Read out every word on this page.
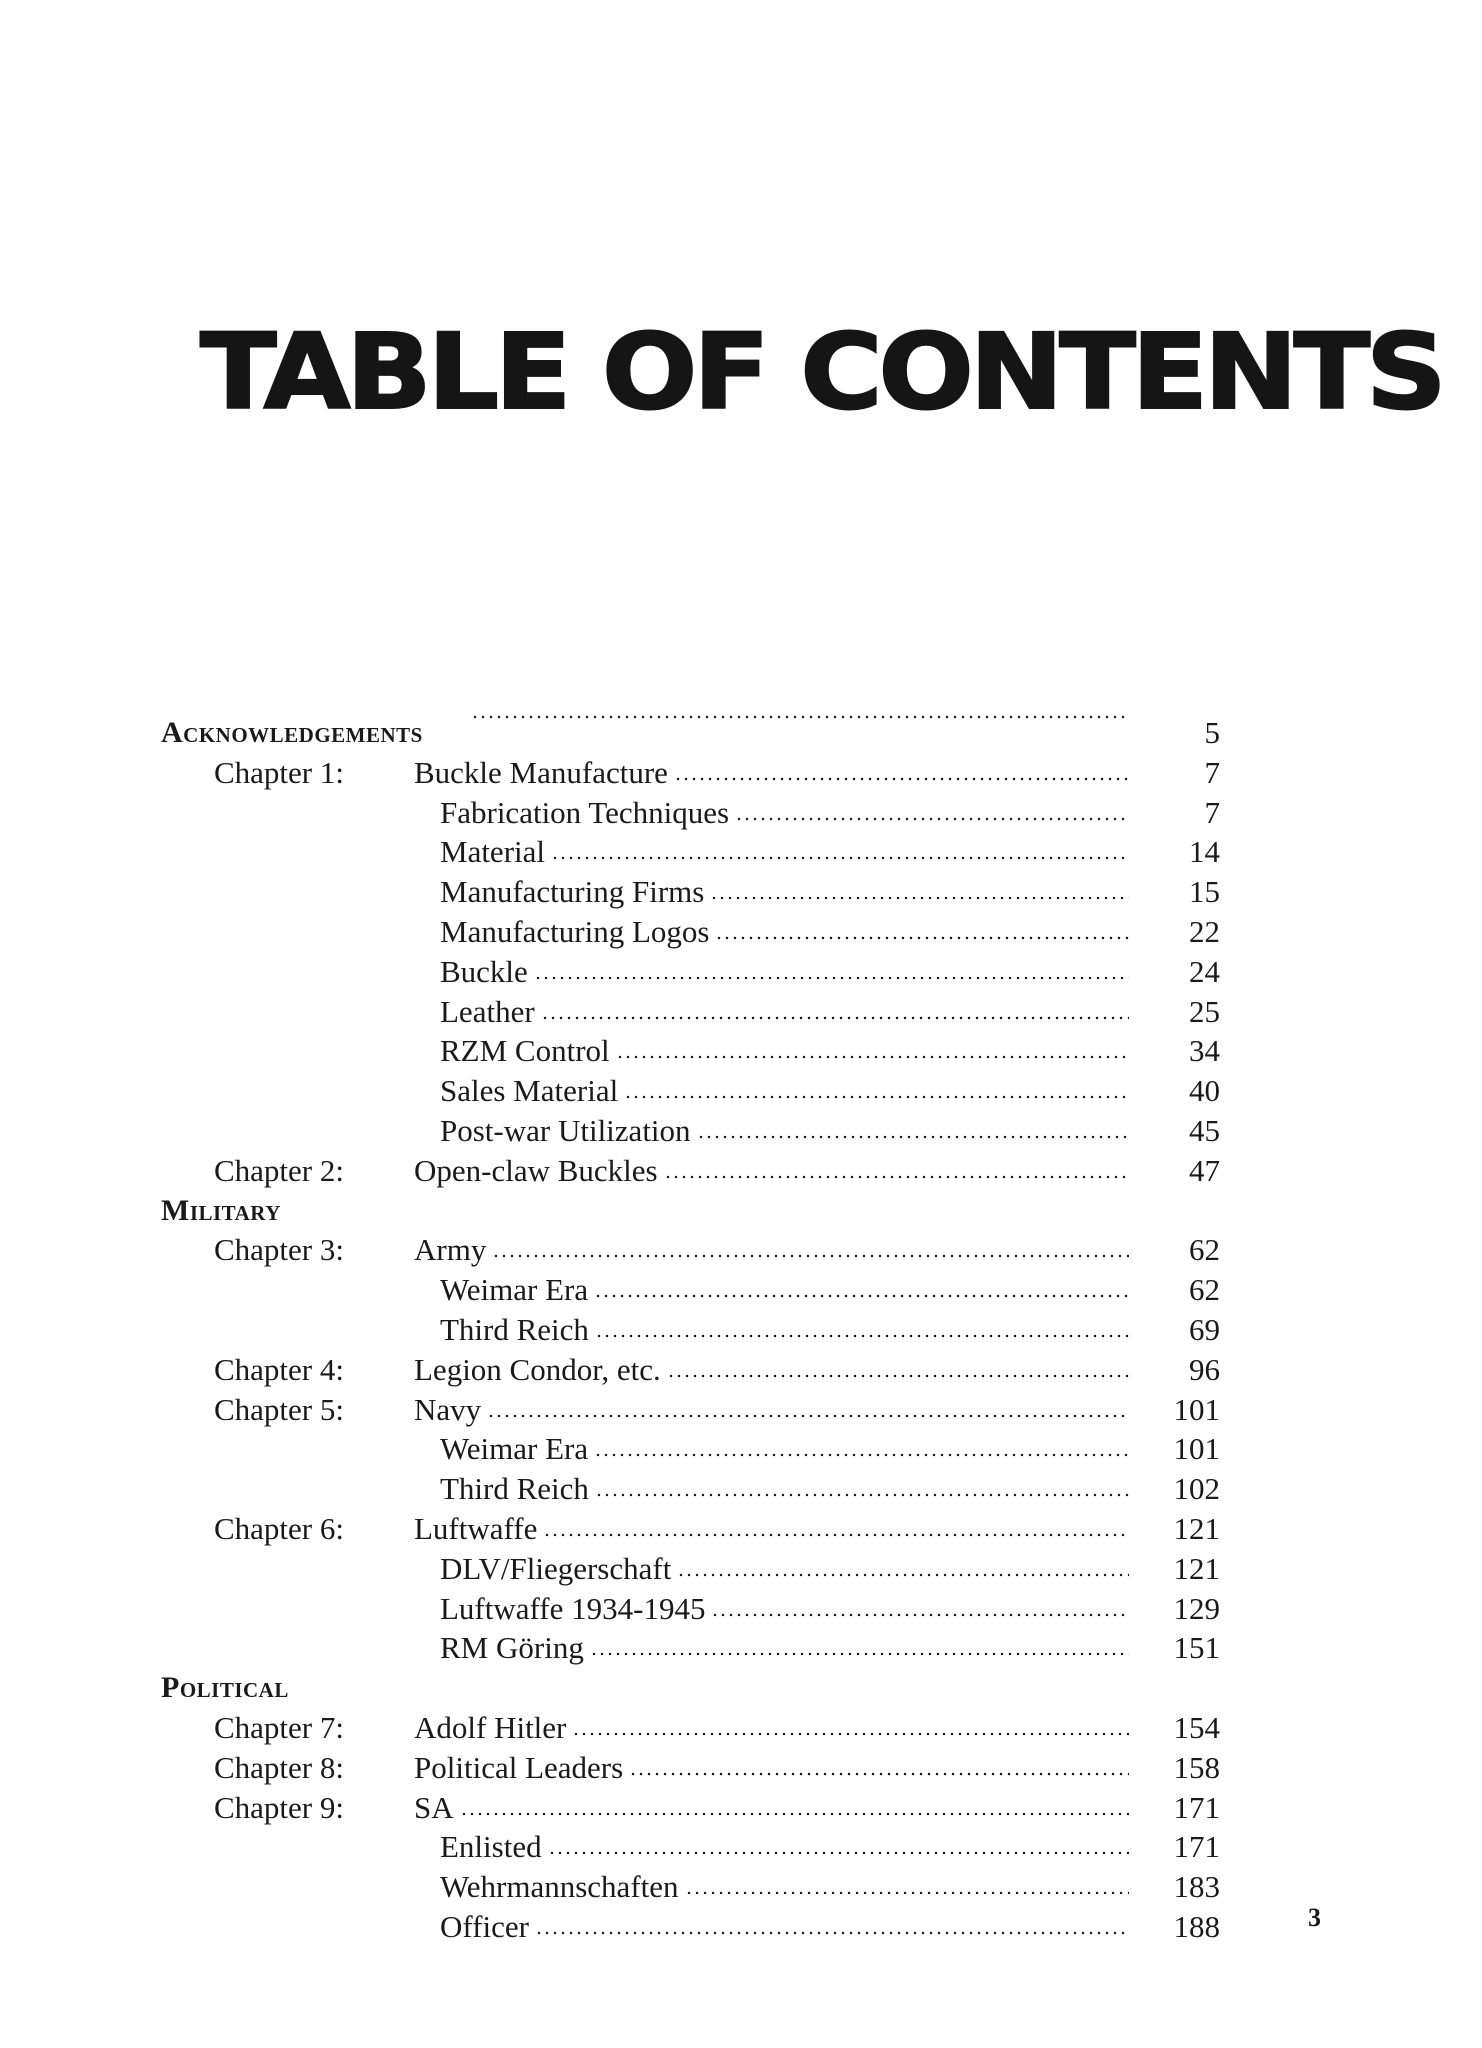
TABLE OF CONTENTS
Acknowledgements	5
Chapter 1: Buckle Manufacture	7
Fabrication Techniques	7
Material	14
Manufacturing Firms	15
Manufacturing Logos	22
Buckle	24
Leather	25
RZM Control	34
Sales Material	40
Post-war Utilization	45
Chapter 2: Open-claw Buckles	47
Military
Chapter 3: Army	62
Weimar Era	62
Third Reich	69
Chapter 4: Legion Condor, etc.	96
Chapter 5: Navy	101
Weimar Era	101
Third Reich	102
Chapter 6: Luftwaffe	121
DLV/Fliegerschaft	121
Luftwaffe 1934-1945	129
RM Göring	151
Political
Chapter 7: Adolf Hitler	154
Chapter 8: Political Leaders	158
Chapter 9: SA	171
Enlisted	171
Wehrmannschaften	183
Officer	188	3
